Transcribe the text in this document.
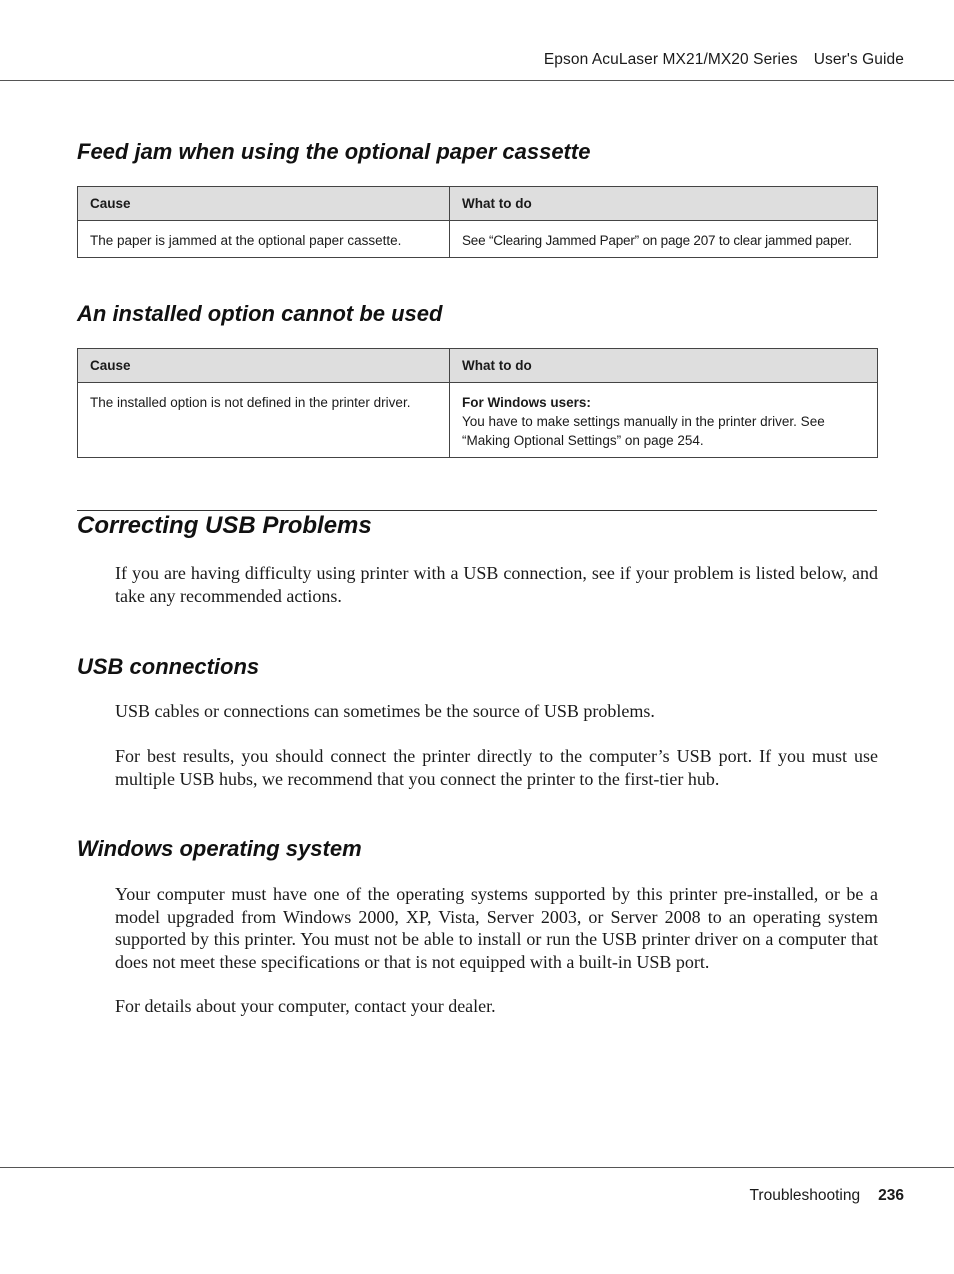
Epson AcuLaser MX21/MX20 Series User's Guide
Feed jam when using the optional paper cassette
Cause	What to do
The paper is jammed at the optional paper cassette.	See “Clearing Jammed Paper” on page 207 to clear jammed paper.
An installed option cannot be used
Cause	What to do
The installed option is not defined in the printer driver.	For Windows users:
You have to make settings manually in the printer driver. See “Making Optional Settings” on page 254.
Correcting USB Problems

If you are having difficulty using printer with a USB connection, see if your problem is listed below, and take any recommended actions.

USB connections

USB cables or connections can sometimes be the source of USB problems.

For best results, you should connect the printer directly to the computer’s USB port. If you must use multiple USB hubs, we recommend that you connect the printer to the first-tier hub.

Windows operating system

Your computer must have one of the operating systems supported by this printer pre-installed, or be a model upgraded from Windows 2000, XP, Vista, Server 2003, or Server 2008 to an operating system supported by this printer. You must not be able to install or run the USB printer driver on a computer that does not meet these specifications or that is not equipped with a built-in USB port.

For details about your computer, contact your dealer.

Troubleshooting 236
